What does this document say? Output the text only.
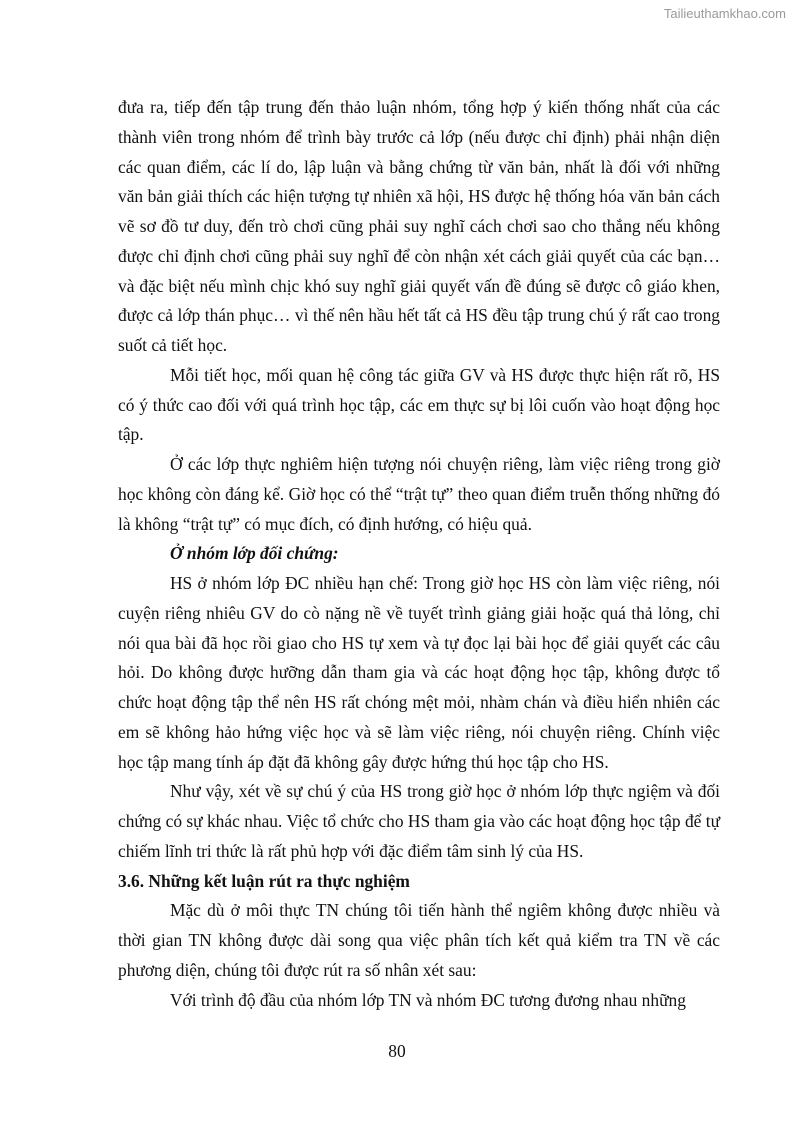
Tailieuthamkhao.com

đưa ra, tiếp đến tập trung đến thảo luận nhóm, tổng hợp ý kiến thống nhất của các thành viên trong nhóm để trình bày trước cả lớp (nếu được chỉ định) phải nhận diện các quan điểm, các lí do, lập luận và bằng chứng từ văn bản, nhất là đối với những văn bản giải thích các hiện tượng tự nhiên xã hội, HS được hệ thống hóa văn bản cách vẽ sơ đồ tư duy, đến trò chơi cũng phải suy nghĩ cách chơi sao cho thắng nếu không được chỉ định chơi cũng phải suy nghĩ để còn nhận xét cách giải quyết của các bạn…và đặc biệt nếu mình chịc khó suy nghĩ giải quyết vấn đề đúng sẽ được cô giáo khen, được cả lớp thán phục… vì thế nên hầu hết tất cả HS đều tập trung chú ý rất cao trong suốt cả tiết học.

Mỗi tiết học, mối quan hệ công tác giữa GV và HS được thực hiện rất rõ, HS có ý thức cao đối với quá trình học tập, các em thực sự bị lôi cuốn vào hoạt động học tập.

Ở các lớp thực nghiêm hiện tượng nói chuyện riêng, làm việc riêng trong giờ học không còn đáng kể. Giờ học có thể “trật tự” theo quan điểm truễn thống những đó là không “trật tự” có mục đích, có định hướng, có hiệu quả.

Ở nhóm lớp đối chứng:

HS ở nhóm lớp ĐC nhiều hạn chế: Trong giờ học HS còn làm việc riêng, nói cuyện riêng nhiêu GV do cò nặng nề về tuyết trình giảng giải hoặc quá thả lỏng, chỉ nói qua bài đã học rồi giao cho HS tự xem và tự đọc lại bài học để giải quyết các câu hỏi. Do không được hưỡng dẫn tham gia và các hoạt động học tập, không được tổ chức hoạt động tập thể nên HS rất chóng mệt mỏi, nhàm chán và điều hiển nhiên các em sẽ không hảo hứng việc học và sẽ làm việc riêng, nói chuyện riêng. Chính việc học tập mang tính áp đặt đã không gây được hứng thú học tập cho HS.

Như vậy, xét về sự chú ý của HS trong giờ học ở nhóm lớp thực ngiệm và đối chứng có sự khác nhau. Việc tổ chức cho HS tham gia vào các hoạt động học tập để tự chiếm lĩnh tri thức là rất phủ hợp với đặc điểm tâm sinh lý của HS.

3.6. Những kết luận rút ra thực nghiệm

Mặc dù ở môi thực TN chúng tôi tiến hành thể ngiêm không được nhiều và thời gian TN không được dài song qua việc phân tích kết quả kiểm tra TN về các phương diện, chúng tôi được rút ra số nhân xét sau:

Với trình độ đầu của nhóm lớp TN và nhóm ĐC tương đương nhau những

80
